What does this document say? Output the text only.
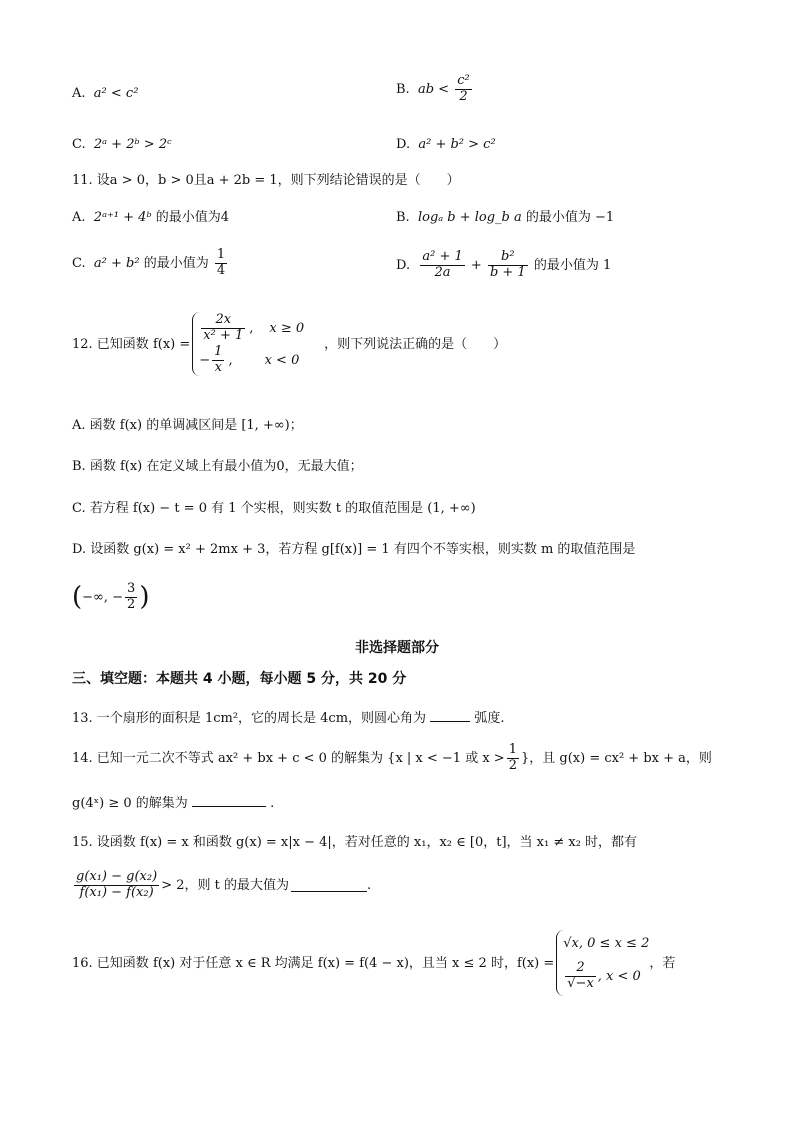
A. a² < c²	B. ab < $\frac{\text{c²}}{2}$
C. 2ᵃ + 2ᵇ > 2ᶜ	D. a² + b² > c²
11. 设a > 0，b > 0且a + 2b = 1，则下列结论错误的是（　　）
A. 2ᵃ⁺¹ + 4ᵇ 的最小值为4	B. logₐ b + log_b a 的最小值为 −1
C. a² + b² 的最小值为 $\frac{1}{4}$	D. $\frac{\text{a² + 1}}{2a} + \frac{\text{b²}}{b + 1}$ 的最小值为 1
12. 已知函数 f(x) =
$\frac{2x}{\text{x² + 1}}$ , x ≥ 0
− $\frac{1}{x}$ , x < 0
，则下列说法正确的是（　　）
A. 函数 f(x) 的单调减区间是 [1, +∞)；
B. 函数 f(x) 在定义域上有最小值为0，无最大值；
C. 若方程 f(x) − t = 0 有 1 个实根，则实数 t 的取值范围是 (1, +∞)
D. 设函数 g(x) = x² + 2mx + 3，若方程 g[f(x)] = 1 有四个不等实根，则实数 m 的取值范围是
( −∞, − $\frac{3}{2}$ )
非选择题部分
三、填空题：本题共 4 小题，每小题 5 分，共 20 分
13. 一个扇形的面积是 1cm²，它的周长是 4cm，则圆心角为	弧度.
14. 已知一元二次不等式 ax² + bx + c < 0 的解集为 {x | x < −1 或 $x > \frac{1}{2}$ }，且 g(x) = cx² + bx + a，则
g(4ˣ) ≥ 0 的解集为	.
15. 设函数 f(x) = x 和函数 g(x) = x|x − 4|，若对任意的 x₁，x₂ ∈ [0，t]，当 x₁ ≠ x₂ 时，都有
$\frac{\text{g(x₁) − g(x₂)}}{\text{f(x₁) − f(x₂)}} > 2$，则 t 的最大值为	.
16. 已知函数 f(x) 对于任意 x ∈ R 均满足 f(x) = f(4 − x)，且当 x ≤ 2 时，f(x) =
√x, 0 ≤ x ≤ 2
$\frac{2}{√-x}$ , x < 0
，若
